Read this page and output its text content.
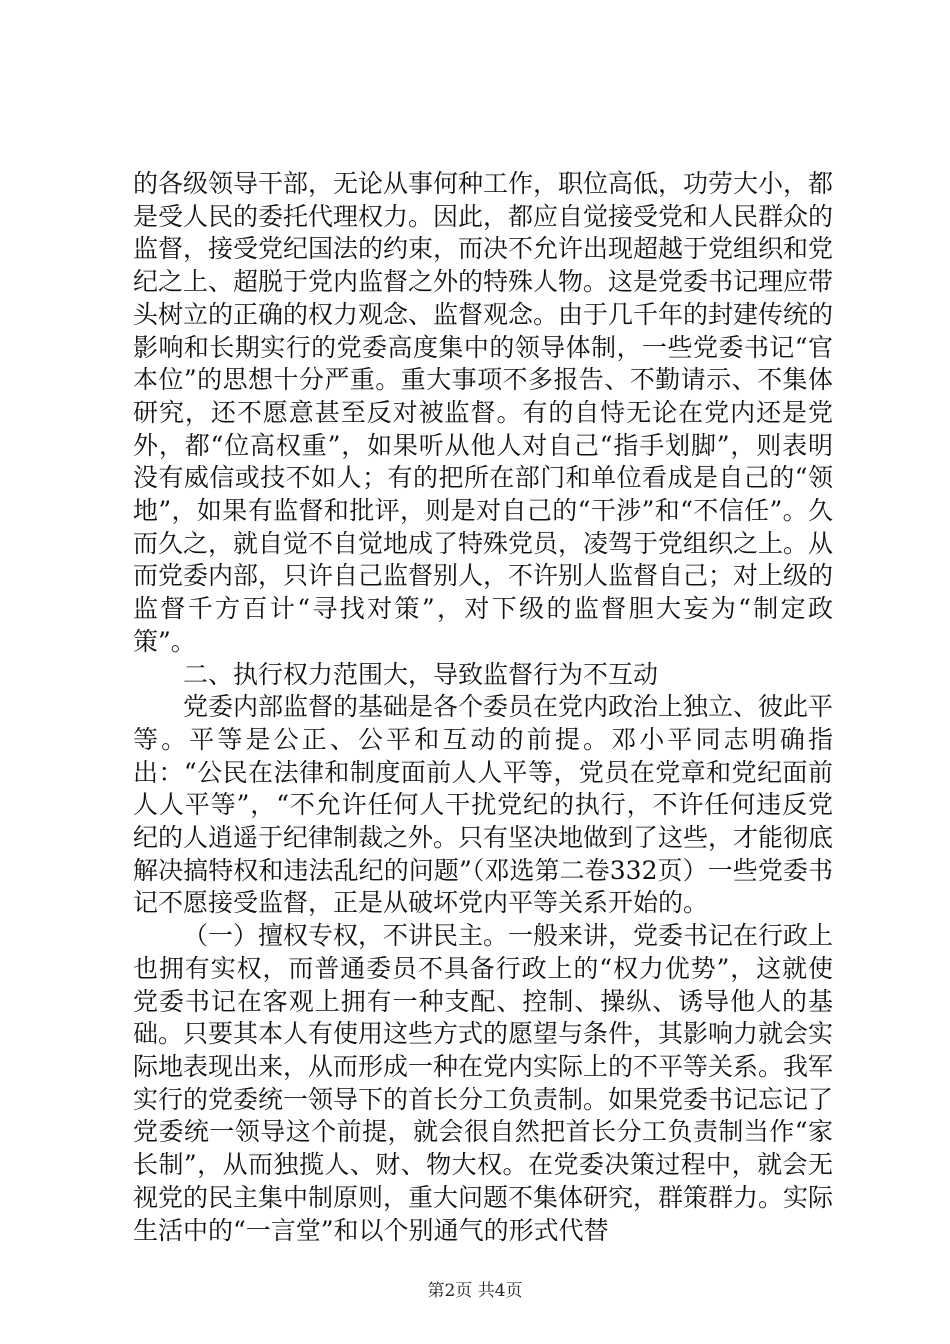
的各级领导干部，无论从事何种工作，职位高低，功劳大小，都是受人民的委托代理权力。因此，都应自觉接受党和人民群众的监督，接受党纪国法的约束，而决不允许出现超越于党组织和党纪之上、超脱于党内监督之外的特殊人物。这是党委书记理应带头树立的正确的权力观念、监督观念。由于几千年的封建传统的影响和长期实行的党委高度集中的领导体制，一些党委书记“官本位”的思想十分严重。重大事项不多报告、不勤请示、不集体研究，还不愿意甚至反对被监督。有的自恃无论在党内还是党外，都“位高权重”，如果听从他人对自己“指手划脚”，则表明没有威信或技不如人；有的把所在部门和单位看成是自己的“领地”，如果有监督和批评，则是对自己的“干涉”和“不信任”。久而久之，就自觉不自觉地成了特殊党员，凌驾于党组织之上。从而党委内部，只许自己监督别人，不许别人监督自己；对上级的监督千方百计“寻找对策”，对下级的监督胆大妄为“制定政策”。

二、执行权力范围大，导致监督行为不互动

党委内部监督的基础是各个委员在党内政治上独立、彼此平等。平等是公正、公平和互动的前提。邓小平同志明确指出：“公民在法律和制度面前人人平等，党员在党章和党纪面前人人平等”，“不允许任何人干扰党纪的执行，不许任何违反党纪的人逍遥于纪律制裁之外。只有坚决地做到了这些，才能彻底解决搞特权和违法乱纪的问题”（邓选第二卷332页）一些党委书记不愿接受监督，正是从破坏党内平等关系开始的。

（一）擅权专权，不讲民主。一般来讲，党委书记在行政上也拥有实权，而普通委员不具备行政上的“权力优势”，这就使党委书记在客观上拥有一种支配、控制、操纵、诱导他人的基础。只要其本人有使用这些方式的愿望与条件，其影响力就会实际地表现出来，从而形成一种在党内实际上的不平等关系。我军实行的党委统一领导下的首长分工负责制。如果党委书记忘记了党委统一领导这个前提，就会很自然把首长分工负责制当作“家长制”，从而独揽人、财、物大权。在党委决策过程中，就会无视党的民主集中制原则，重大问题不集体研究，群策群力。实际生活中的“一言堂”和以个别通气的形式代替

第2页 共4页
